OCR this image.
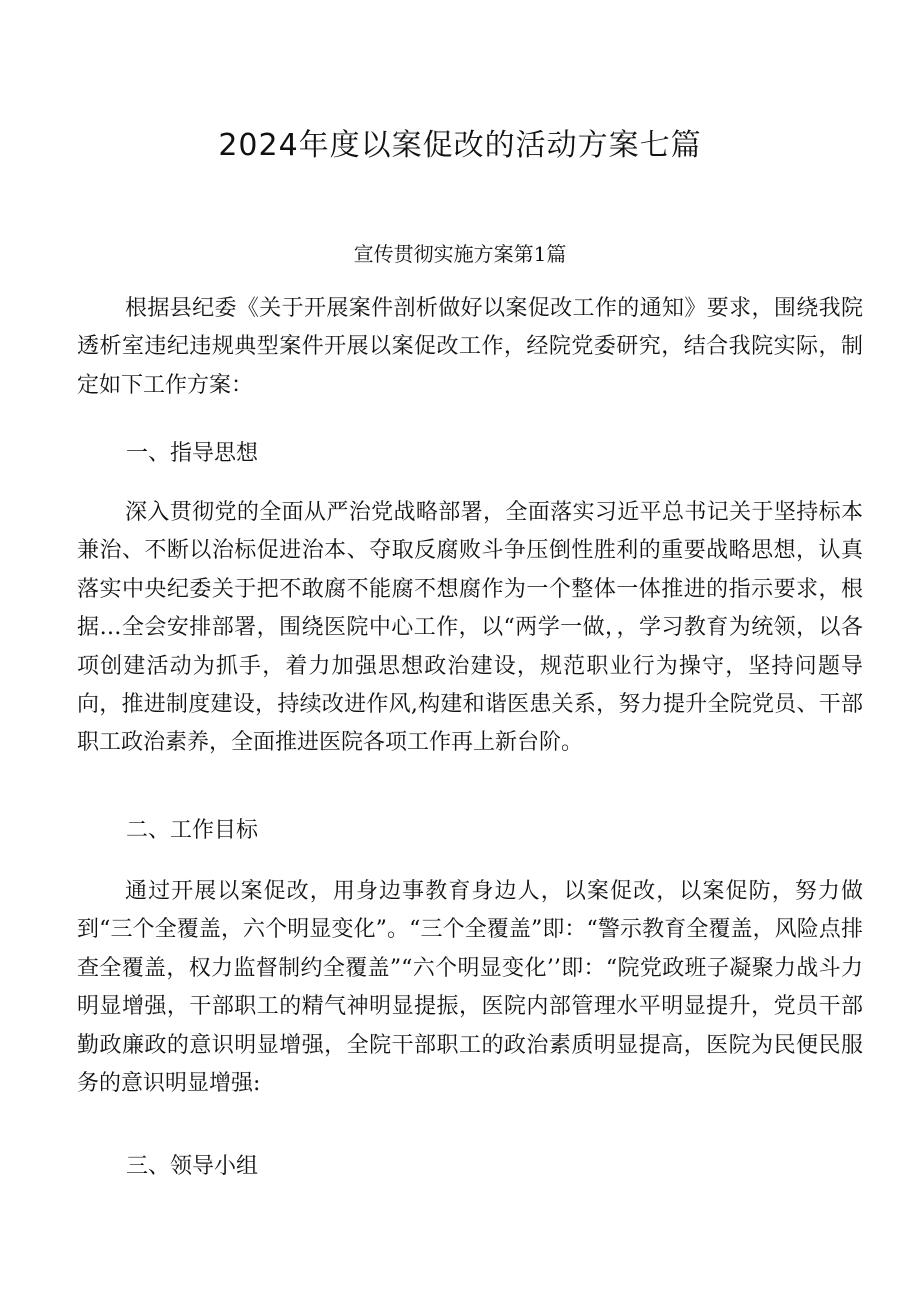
2024年度以案促改的活动方案七篇
宣传贯彻实施方案第1篇

根据县纪委《关于开展案件剖析做好以案促改工作的通知》要求，围绕我院透析室违纪违规典型案件开展以案促改工作，经院党委研究，结合我院实际，制定如下工作方案：

一、指导思想

深入贯彻党的全面从严治党战略部署，全面落实习近平总书记关于坚持标本兼治、不断以治标促进治本、夺取反腐败斗争压倒性胜利的重要战略思想，认真落实中央纪委关于把不敢腐不能腐不想腐作为一个整体一体推进的指示要求，根据…全会安排部署，围绕医院中心工作，以“两学一做，，学习教育为统领，以各项创建活动为抓手，着力加强思想政治建设，规范职业行为操守，坚持问题导向，推进制度建设，持续改进作风,构建和谐医患关系，努力提升全院党员、干部职工政治素养，全面推进医院各项工作再上新台阶。

二、工作目标

通过开展以案促改，用身边事教育身边人，以案促改，以案促防，努力做到“三个全覆盖，六个明显变化”。“三个全覆盖”即：“警示教育全覆盖，风险点排查全覆盖，权力监督制约全覆盖”“六个明显变化’’即：“院党政班子凝聚力战斗力明显增强，干部职工的精气神明显提振，医院内部管理水平明显提升，党员干部勤政廉政的意识明显增强，全院干部职工的政治素质明显提高，医院为民便民服务的意识明显增强:

三、领导小组
